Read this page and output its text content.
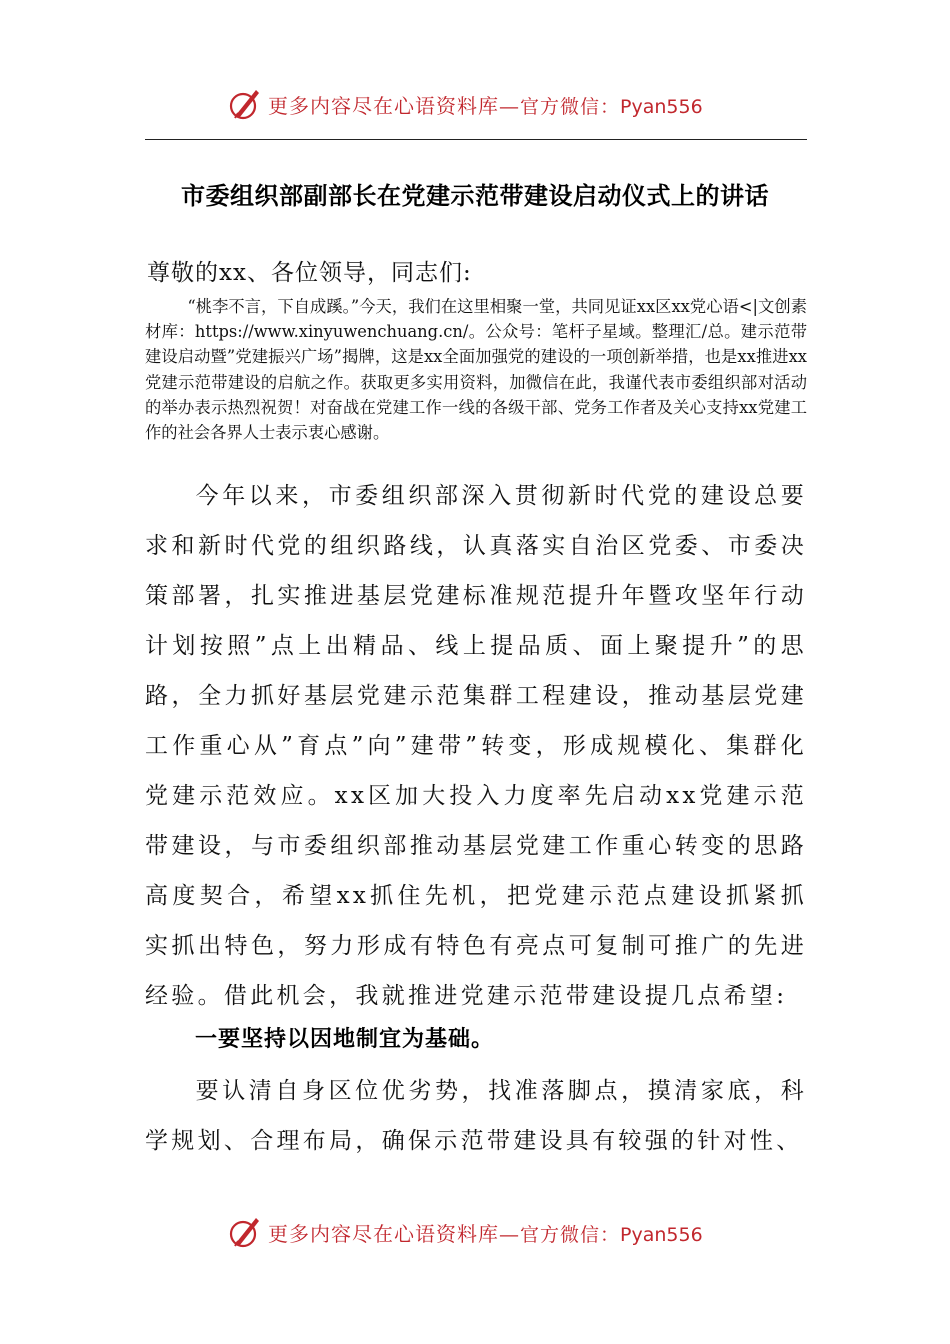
更多内容尽在心语资料库—官方微信：Pyan556
市委组织部副部长在党建示范带建设启动仪式上的讲话
尊敬的xx、各位领导，同志们:
“桃李不言，下自成蹊。”今天，我们在这里相聚一堂，共同见证xx区xx党心语<|文创素材库：https://www.xinyuwenchuang.cn/。公众号：笔杆子星域。整理汇/总。建示范带建设启动暨”党建振兴广场”揭牌，这是xx全面加强党的建设的一项创新举措，也是xx推进xx党建示范带建设的启航之作。获取更多实用资料，加微信在此，我谨代表市委组织部对活动的举办表示热烈祝贺！对奋战在党建工作一线的各级干部、党务工作者及关心支持xx党建工作的社会各界人士表示衷心感谢。
今年以来，市委组织部深入贯彻新时代党的建设总要求和新时代党的组织路线，认真落实自治区党委、市委决策部署，扎实推进基层党建标准规范提升年暨攻坚年行动计划按照”点上出精品、线上提品质、面上聚提升”的思路，全力抓好基层党建示范集群工程建设，推动基层党建工作重心从”育点”向”建带”转变，形成规模化、集群化党建示范效应。xx区加大投入力度率先启动xx党建示范带建设，与市委组织部推动基层党建工作重心转变的思路高度契合，希望xx抓住先机，把党建示范点建设抓紧抓实抓出特色，努力形成有特色有亮点可复制可推广的先进经验。借此机会，我就推进党建示范带建设提几点希望:
一要坚持以因地制宜为基础。
要认清自身区位优劣势，找准落脚点，摸清家底，科学规划、合理布局，确保示范带建设具有较强的针对性、
更多内容尽在心语资料库—官方微信：Pyan556
